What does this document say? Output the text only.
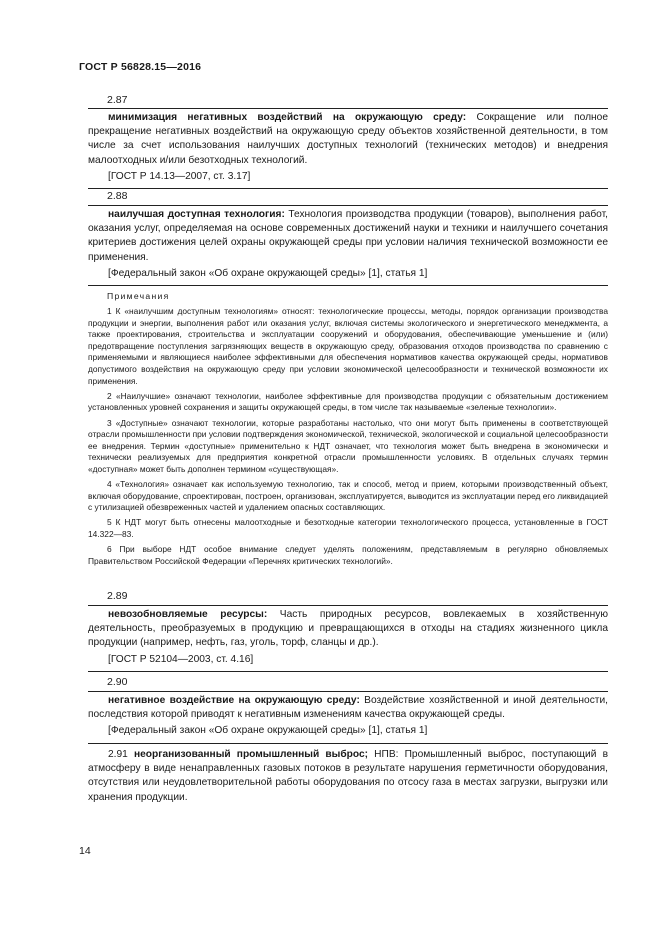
ГОСТ Р 56828.15—2016
2.87

минимизация негативных воздействий на окружающую среду: Сокращение или полное прекращение негативных воздействий на окружающую среду объектов хозяйственной деятельности, в том числе за счет использования наилучших доступных технологий (технических методов) и внедрения малоотходных и/или безотходных технологий.

[ГОСТ Р 14.13—2007, ст. 3.17]

2.88

наилучшая доступная технология: Технология производства продукции (товаров), выполнения работ, оказания услуг, определяемая на основе современных достижений науки и техники и наилучшего сочетания критериев достижения целей охраны окружающей среды при условии наличия технической возможности ее применения.

[Федеральный закон «Об охране окружающей среды» [1], статья 1]

Примечания

1 К «наилучшим доступным технологиям» относят: технологические процессы, методы, порядок организации производства продукции и энергии, выполнения работ или оказания услуг, включая системы экологического и энергетического менеджмента, а также проектирования, строительства и эксплуатации сооружений и оборудования, обеспечивающие уменьшение и (или) предотвращение поступления загрязняющих веществ в окружающую среду, образования отходов производства по сравнению с применяемыми и являющиеся наиболее эффективными для обеспечения нормативов качества окружающей среды, нормативов допустимого воздействия на окружающую среду при условии экономической целесообразности и технической возможности их применения.

2 «Наилучшие» означают технологии, наиболее эффективные для производства продукции с обязательным достижением установленных уровней сохранения и защиты окружающей среды, в том числе так называемые «зеленые технологии».

3 «Доступные» означают технологии, которые разработаны настолько, что они могут быть применены в соответствующей отрасли промышленности при условии подтверждения экономической, технической, экологической и социальной целесообразности ее внедрения. Термин «доступные» применительно к НДТ означает, что технология может быть внедрена в экономически и технически реализуемых для предприятия конкретной отрасли промышленности условиях. В отдельных случаях термин «доступная» может быть дополнен термином «существующая».

4 «Технология» означает как используемую технологию, так и способ, метод и прием, которыми производственный объект, включая оборудование, спроектирован, построен, организован, эксплуатируется, выводится из эксплуатации перед его ликвидацией с утилизацией обезвреженных частей и удалением опасных составляющих.

5 К НДТ могут быть отнесены малоотходные и безотходные категории технологического процесса, установленные в ГОСТ 14.322—83.

6 При выборе НДТ особое внимание следует уделять положениям, представляемым в регулярно обновляемых Правительством Российской Федерации «Перечнях критических технологий».

2.89

невозобновляемые ресурсы: Часть природных ресурсов, вовлекаемых в хозяйственную деятельность, преобразуемых в продукцию и превращающихся в отходы на стадиях жизненного цикла продукции (например, нефть, газ, уголь, торф, сланцы и др.).

[ГОСТ Р 52104—2003, ст. 4.16]

2.90

негативное воздействие на окружающую среду: Воздействие хозяйственной и иной деятельности, последствия которой приводят к негативным изменениям качества окружающей среды.

[Федеральный закон «Об охране окружающей среды» [1], статья 1]

2.91 неорганизованный промышленный выброс; НПВ: Промышленный выброс, поступающий в атмосферу в виде ненаправленных газовых потоков в результате нарушения герметичности оборудования, отсутствия или неудовлетворительной работы оборудования по отсосу газа в местах загрузки, выгрузки или хранения продукции.

14
